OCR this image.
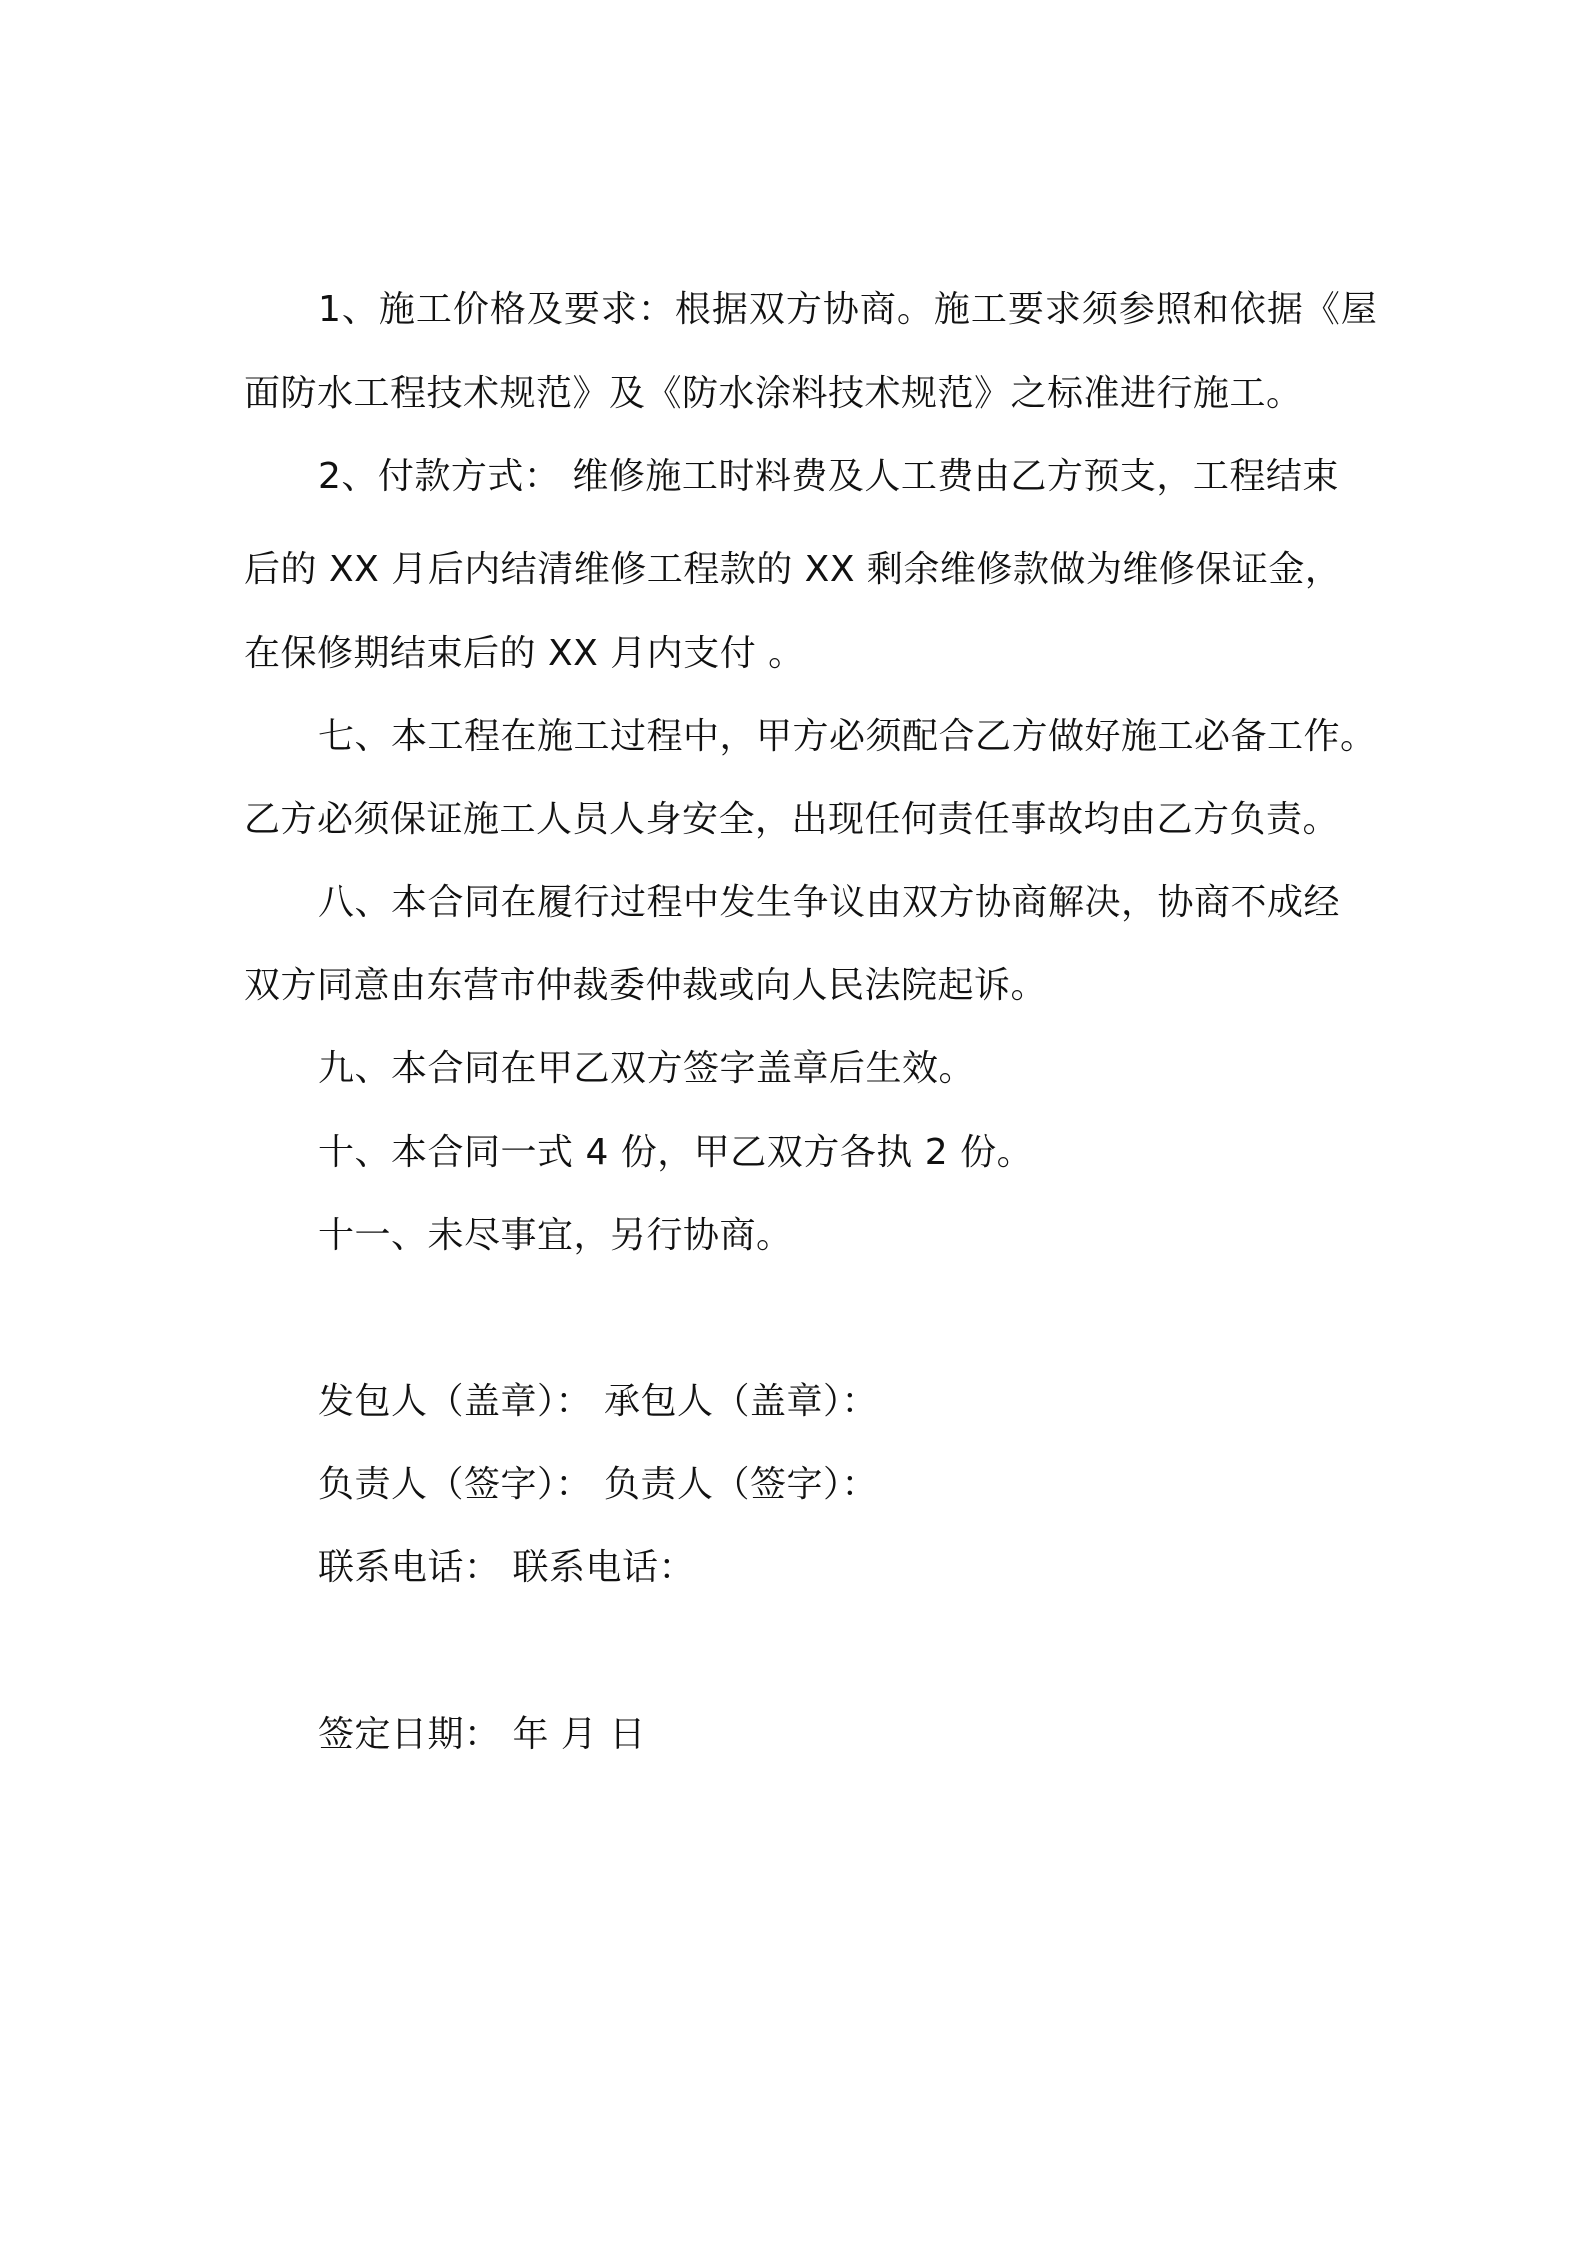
1、施工价格及要求：根据双方协商。施工要求须参照和依据《屋
面防水工程技术规范》及《防水涂料技术规范》之标准进行施工。
2、付款方式： 维修施工时料费及人工费由乙方预支，工程结束
后的 XX 月后内结清维修工程款的 XX 剩余维修款做为维修保证金，
在保修期结束后的 XX 月内支付 。
七、本工程在施工过程中，甲方必须配合乙方做好施工必备工作。
乙方必须保证施工人员人身安全，出现任何责任事故均由乙方负责。
八、本合同在履行过程中发生争议由双方协商解决，协商不成经
双方同意由东营市仲裁委仲裁或向人民法院起诉。
九、本合同在甲乙双方签字盖章后生效。
十、本合同一式 4 份，甲乙双方各执 2 份。
十一、未尽事宜，另行协商。
发包人（盖章）： 承包人（盖章）：
负责人（签字）： 负责人（签字）：
联系电话： 联系电话：
签定日期： 年 月 日
